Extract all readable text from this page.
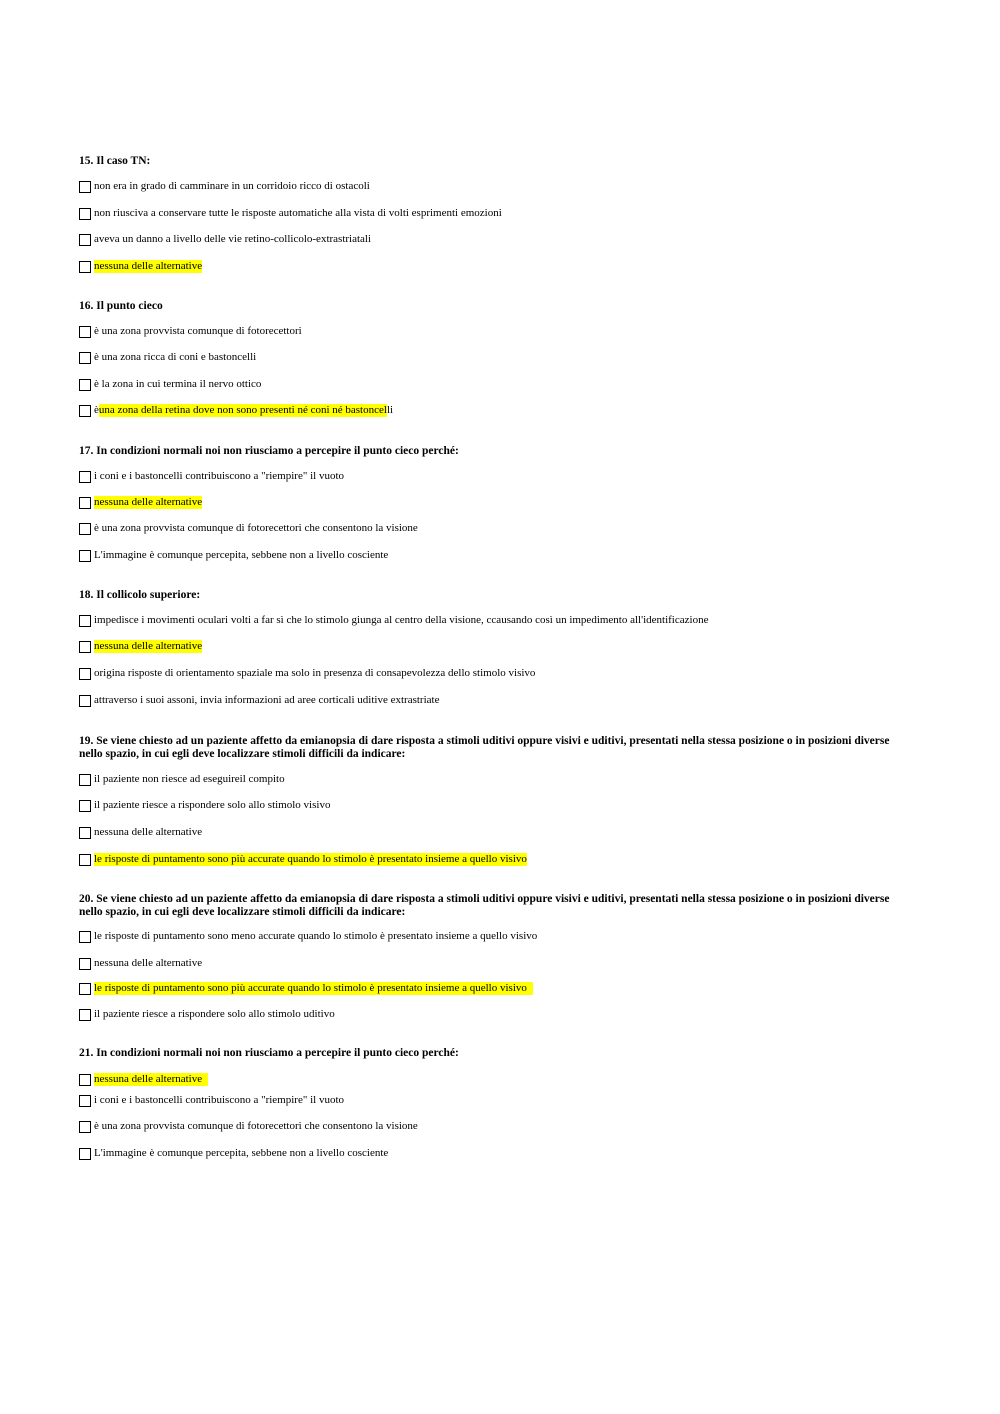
15. Il caso TN:

non era in grado di camminare in un corridoio ricco di ostacoli
non riusciva a conservare tutte le risposte automatiche alla vista di volti esprimenti emozioni
aveva un danno a livello delle vie retino-collicolo-extrastriatali
nessuna delle alternative

16. Il punto cieco

è una zona provvista comunque di fotorecettori
è una zona ricca di coni e bastoncelli
è la zona in cui termina il nervo ottico
è una zona della retina dove non sono presenti né coni né bastoncel li

17. In condizioni normali noi non riusciamo a percepire il punto cieco perché:

i coni e i bastoncelli contribuiscono a "riempire" il vuoto
nessuna delle alternative
è una zona provvista comunque di fotorecettori che consentono la visione
L'immagine è comunque percepita, sebbene non a livello cosciente

18. Il collicolo superiore:

impedisce i movimenti oculari volti a far sì che lo stimolo giunga al centro della visione, ccausando così un impedimento all'identificazione
nessuna delle alternative
origina risposte di orientamento spaziale ma solo in presenza di consapevolezza dello stimolo visivo
attraverso i suoi assoni, invia informazioni ad aree corticali uditive extrastriate

19. Se viene chiesto ad un paziente affetto da emianopsia di dare risposta a stimoli uditivi oppure visivi e uditivi, presentati nella stessa posizione o in posizioni diverse nello spazio, in cui egli deve localizzare stimoli difficili da indicare:

il paziente non riesce ad eseguireil compito
il paziente riesce a rispondere solo allo stimolo visivo
nessuna delle alternative
le risposte di puntamento sono più accurate quando lo stimolo è presentato insieme a quello visivo

20. Se viene chiesto ad un paziente affetto da emianopsia di dare risposta a stimoli uditivi oppure visivi e uditivi, presentati nella stessa posizione o in posizioni diverse nello spazio, in cui egli deve localizzare stimoli difficili da indicare:

le risposte di puntamento sono meno accurate quando lo stimolo è presentato insieme a quello visivo
nessuna delle alternative
le risposte di puntamento sono più accurate quando lo stimolo è presentato insieme a quello visivo
il paziente riesce a rispondere solo allo stimolo uditivo

21. In condizioni normali noi non riusciamo a percepire il punto cieco perché:

nessuna delle alternative
i coni e i bastoncelli contribuiscono a "riempire" il vuoto
è una zona provvista comunque di fotorecettori che consentono la visione
L'immagine è comunque percepita, sebbene non a livello cosciente
